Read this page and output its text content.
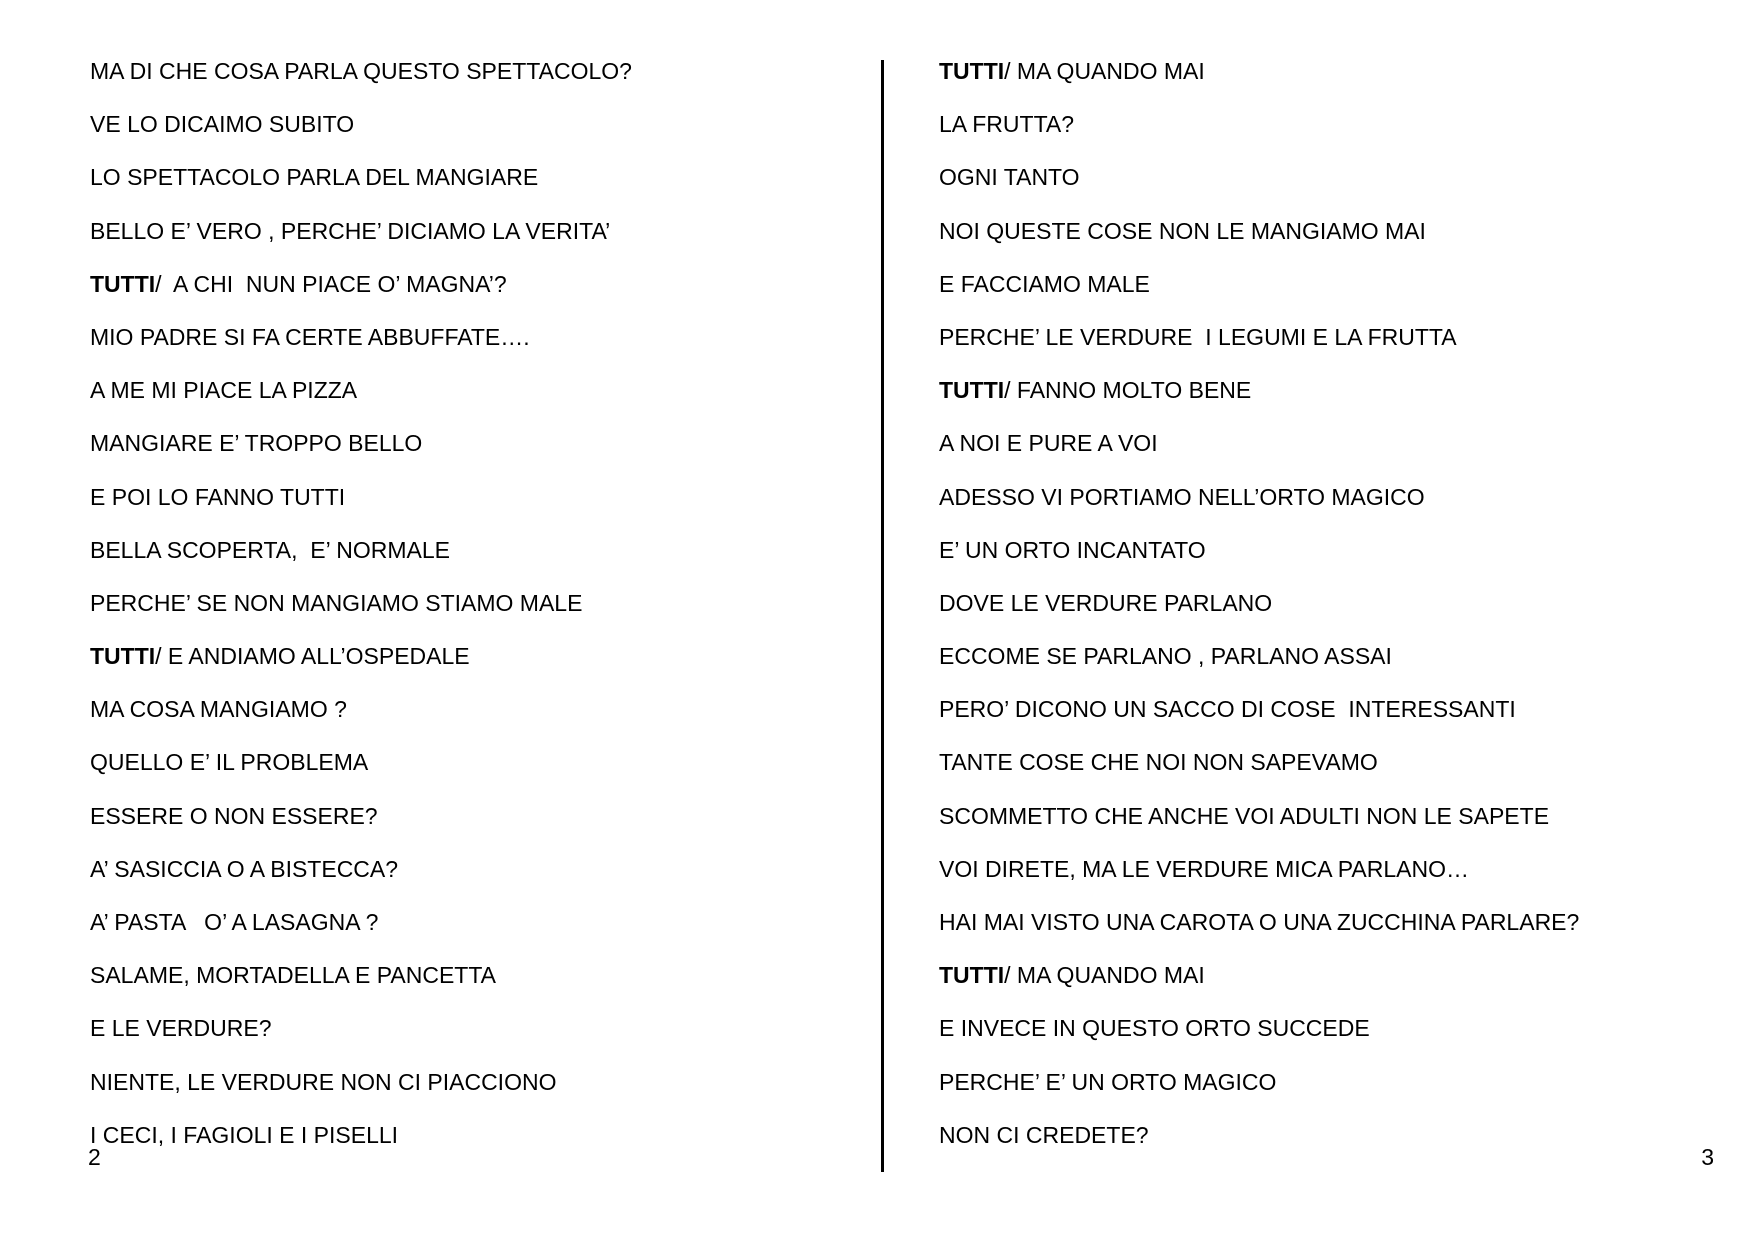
MA DI CHE COSA PARLA QUESTO SPETTACOLO?
VE LO DICAIMO SUBITO
LO SPETTACOLO PARLA DEL MANGIARE
BELLO E’ VERO , PERCHE’ DICIAMO LA VERITA’
TUTTI/  A CHI  NUN PIACE O’ MAGNA’?
MIO PADRE SI FA CERTE ABBUFFATE….
A ME MI PIACE LA PIZZA
MANGIARE E’ TROPPO BELLO
E POI LO FANNO TUTTI
BELLA SCOPERTA,  E’ NORMALE
PERCHE’ SE NON MANGIAMO STIAMO MALE
TUTTI/ E ANDIAMO ALL’OSPEDALE
MA COSA MANGIAMO ?
QUELLO E’ IL PROBLEMA
ESSERE O NON ESSERE?
A’ SASICCIA O A BISTECCA?
A’ PASTA   O’ A LASAGNA ?
SALAME, MORTADELLA E PANCETTA
E LE VERDURE?
NIENTE, LE VERDURE NON CI PIACCIONO
I CECI, I FAGIOLI E I PISELLI
2
TUTTI/ MA QUANDO MAI
LA FRUTTA?
OGNI TANTO
NOI QUESTE COSE NON LE MANGIAMO MAI
E FACCIAMO MALE
PERCHE’ LE VERDURE  I LEGUMI E LA FRUTTA
TUTTI/ FANNO MOLTO BENE
A NOI E PURE A VOI
ADESSO VI PORTIAMO NELL’ORTO MAGICO
E’ UN ORTO INCANTATO
DOVE LE VERDURE PARLANO
ECCOME SE PARLANO , PARLANO ASSAI
PERO’ DICONO UN SACCO DI COSE  INTERESSANTI
TANTE COSE CHE NOI NON SAPEVAMO
SCOMMETTO CHE ANCHE VOI ADULTI NON LE SAPETE
VOI DIRETE, MA LE VERDURE MICA PARLANO…
HAI MAI VISTO UNA CAROTA O UNA ZUCCHINA PARLARE?
TUTTI/ MA QUANDO MAI
E INVECE IN QUESTO ORTO SUCCEDE
PERCHE’ E’ UN ORTO MAGICO
NON CI CREDETE?
3
